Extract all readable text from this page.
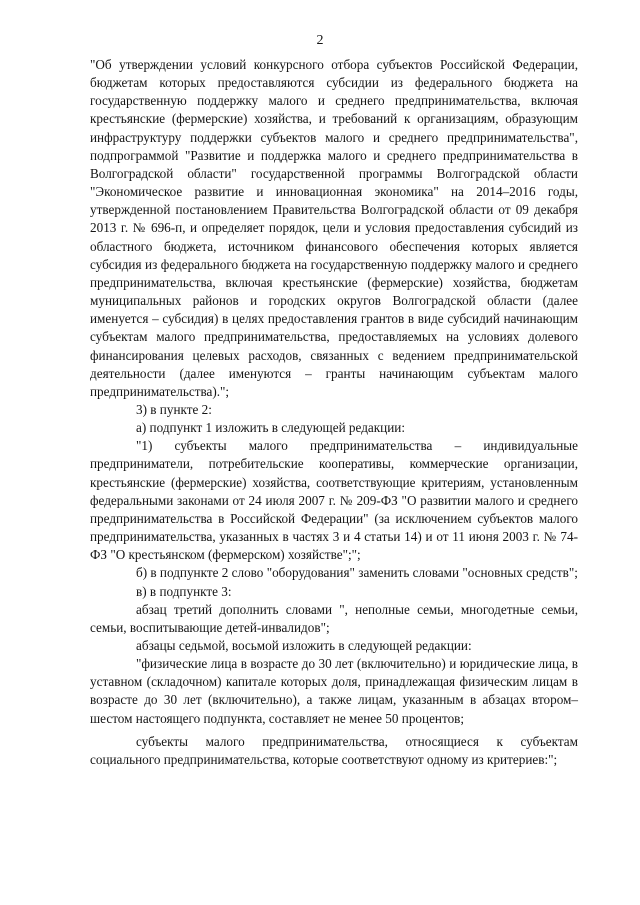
2

"Об утверждении условий конкурсного отбора субъектов Российской Федерации, бюджетам которых предоставляются субсидии из федерального бюджета на государственную поддержку малого и среднего предпринимательства, включая крестьянские (фермерские) хозяйства, и требований к организациям, образующим инфраструктуру поддержки субъектов малого и среднего предпринимательства", подпрограммой "Развитие и поддержка малого и среднего предпринимательства в Волгоградской области" государственной программы Волгоградской области "Экономическое развитие и инновационная экономика" на 2014–2016 годы, утвержденной постановлением Правительства Волгоградской области от 09 декабря 2013 г. № 696-п, и определяет порядок, цели и условия предоставления субсидий из областного бюджета, источником финансового обеспечения которых является субсидия из федерального бюджета на государственную поддержку малого и среднего предпринимательства, включая крестьянские (фермерские) хозяйства, бюджетам муниципальных районов и городских округов Волгоградской области (далее именуется – субсидия) в целях предоставления грантов в виде субсидий начинающим субъектам малого предпринимательства, предоставляемых на условиях долевого финансирования целевых расходов, связанных с ведением предпринимательской деятельности (далее именуются – гранты начинающим субъектам малого предпринимательства).";

3) в пункте 2:

а) подпункт 1 изложить в следующей редакции:

"1) субъекты малого предпринимательства – индивидуальные предприниматели, потребительские кооперативы, коммерческие организации, крестьянские (фермерские) хозяйства, соответствующие критериям, установленным федеральными законами от 24 июля 2007 г. № 209-ФЗ "О развитии малого и среднего предпринимательства в Российской Федерации" (за исключением субъектов малого предпринимательства, указанных в частях 3 и 4 статьи 14) и от 11 июня 2003 г. № 74-ФЗ "О крестьянском (фермерском) хозяйстве";";

б) в подпункте 2 слово "оборудования" заменить словами "основных средств";

в) в подпункте 3:

абзац третий дополнить словами ", неполные семьи, многодетные семьи, семьи, воспитывающие детей-инвалидов";

абзацы седьмой, восьмой изложить в следующей редакции:

"физические лица в возрасте до 30 лет (включительно) и юридические лица, в уставном (складочном) капитале которых доля, принадлежащая физическим лицам в возрасте до 30 лет (включительно), а также лицам, указанным в абзацах втором–шестом настоящего подпункта, составляет не менее 50 процентов;

субъекты малого предпринимательства, относящиеся к субъектам социального предпринимательства, которые соответствуют одному из критериев:";
